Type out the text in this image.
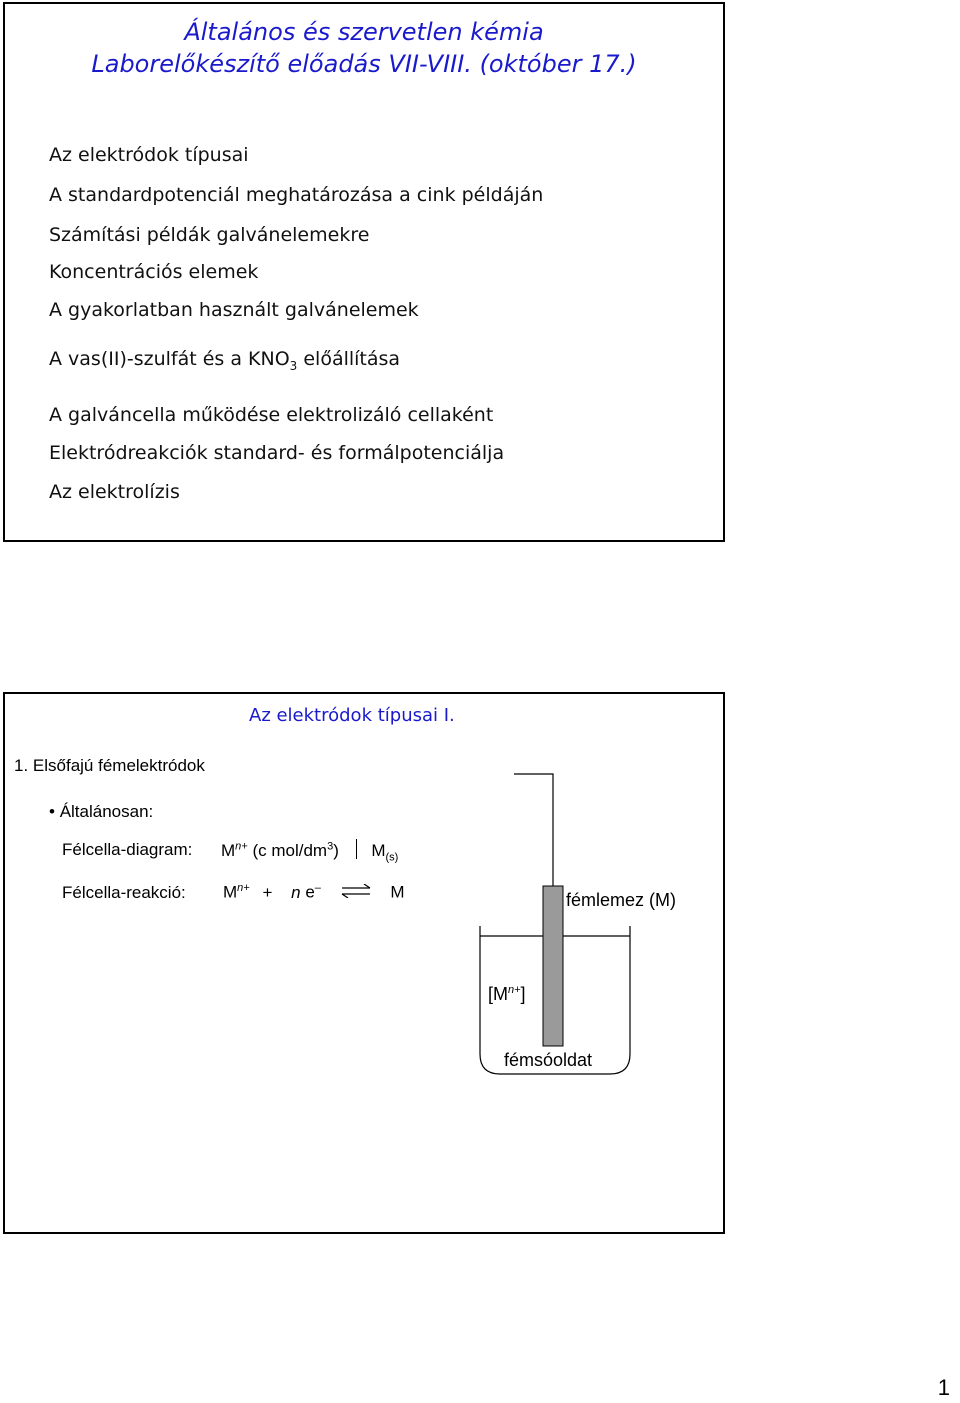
Általános és szervetlen kémia
Laborelőkészítő előadás VII-VIII. (október 17.)
Az elektródok típusai
A standardpotenciál meghatározása a cink példáján
Számítási példák galvánelemekre
Koncentrációs elemek
A gyakorlatban használt galvánelemek
A vas(II)-szulfát és a $KNO_3$ előállítása
A galváncella működése elektrolizáló cellaként
Elektródreakciók standard- és formálpotenciálja
Az elektrolízis
Az elektródok típusai I.
1. Elsőfajú fémelektródok
• Általánosan:
Félcella-diagram: $M^{n+}$ (c mol/$dm^3$) $M_{(s)}$
Félcella-reakció: $M^{n+} + n$ e– ⇌ M	fémlemez (M)
$[M^{n+}]$
fémsóoldat
1
